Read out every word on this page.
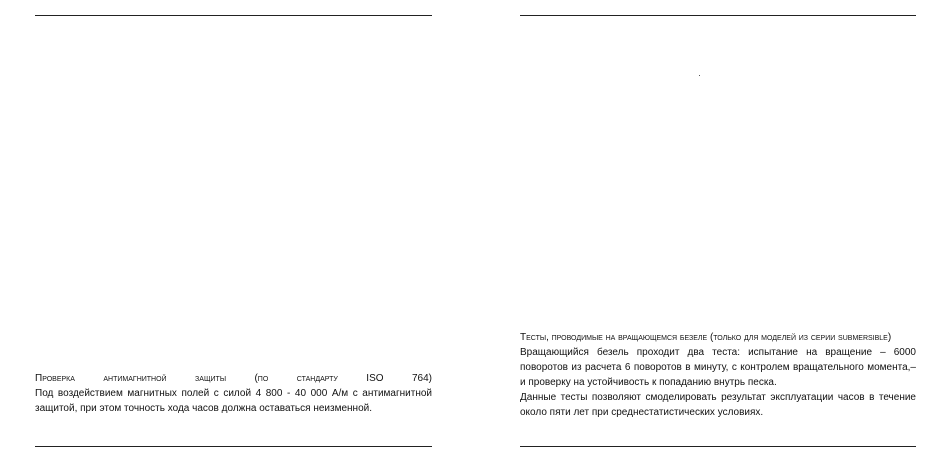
Проверка антимагнитной защиты (по стандарту ISO 764)

Под воздействием магнитных полей с силой 4 800 - 40 000 А/м с антимагнитной защитой, при этом точность хода часов должна оставаться неизменной.

Тесты, проводимые на вращающемся безеле (только для моделей из серии submersible)

Вращающийся безель проходит два теста: испытание на вращение – 6000 поворотов из расчета 6 поворотов в минуту, с контролем вращательного момента,– и проверку на устойчивость к попаданию внутрь песка.

Данные тесты позволяют смоделировать результат эксплуатации часов в течение около пяти лет при среднестатистических условиях.
